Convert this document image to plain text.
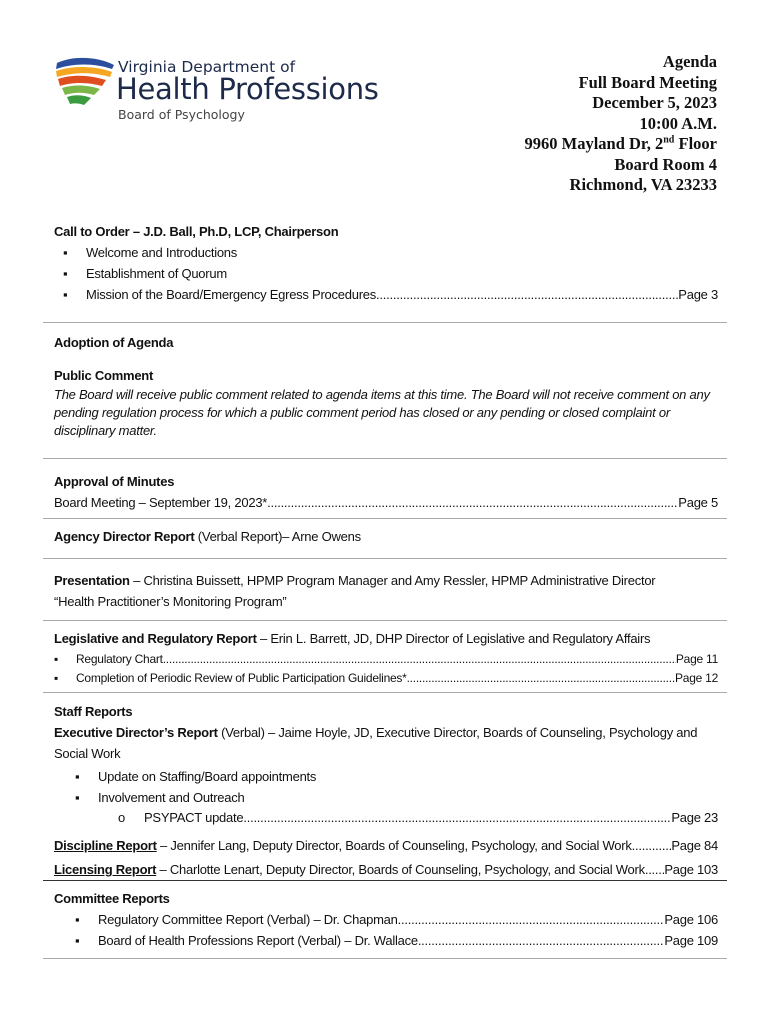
Virginia Department of
Health Professions
Board of Psychology
Agenda
Full Board Meeting
December 5, 2023
10:00 A.M.
9960 Mayland Dr, 2nd Floor
Board Room 4
Richmond, VA 23233
Call to Order – J.D. Ball, Ph.D, LCP, Chairperson
▪ Welcome and Introductions
▪ Establishment of Quorum
▪ Mission of the Board/Emergency Egress Procedures .....	Page 3
Adoption of Agenda
Public Comment
The Board will receive public comment related to agenda items at this time. The Board will not receive comment on any
pending regulation process for which a public comment period has closed or any pending or closed complaint or
disciplinary matter.
Approval of Minutes
Board Meeting – September 19, 2023* .....	Page 5
Agency Director Report (Verbal Report)– Arne Owens
Presentation – Christina Buissett, HPMP Program Manager and Amy Ressler, HPMP Administrative Director
“Health Practitioner’s Monitoring Program”
Legislative and Regulatory Report – Erin L. Barrett, JD, DHP Director of Legislative and Regulatory Affairs
▪ Regulatory Chart .....	Page 11
▪ Completion of Periodic Review of Public Participation Guidelines* .....	Page 12
Staff Reports
Executive Director’s Report (Verbal) – Jaime Hoyle, JD, Executive Director, Boards of Counseling, Psychology and
Social Work
▪ Update on Staffing/Board appointments
▪ Involvement and Outreach
o PSYPACT update .....	Page 23
Discipline Report – Jennifer Lang, Deputy Director, Boards of Counseling, Psychology, and Social Work .....	Page 84
Licensing Report – Charlotte Lenart, Deputy Director, Boards of Counseling, Psychology, and Social Work ..... Page 103
Committee Reports
▪ Regulatory Committee Report (Verbal) – Dr. Chapman .....	Page 106
▪ Board of Health Professions Report (Verbal) – Dr. Wallace .....	Page 109
